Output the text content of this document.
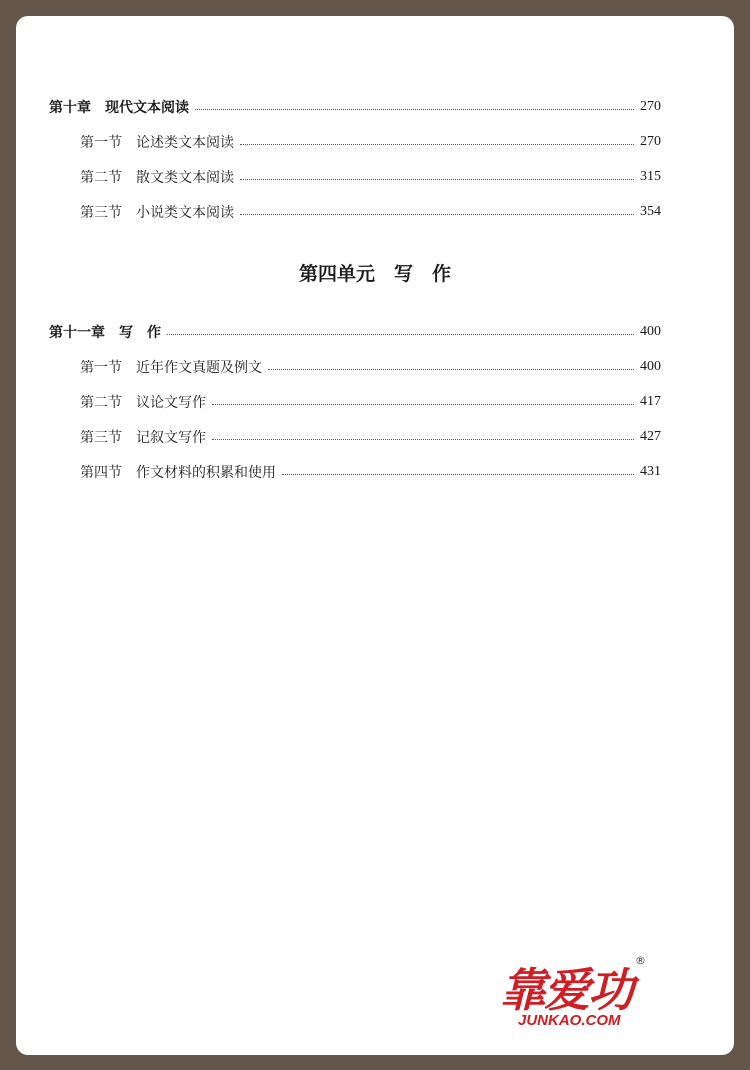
第十章　现代文本阅读	270
第一节　论述类文本阅读	270
第二节　散文类文本阅读	315
第三节　小说类文本阅读	354
第四单元　写　作
第十一章　写　作	400
第一节　近年作文真题及例文	400
第二节　议论文写作	417
第三节　记叙文写作	427
第四节　作文材料的积累和使用	431
靠爱功
®
JUNKAO.COM
